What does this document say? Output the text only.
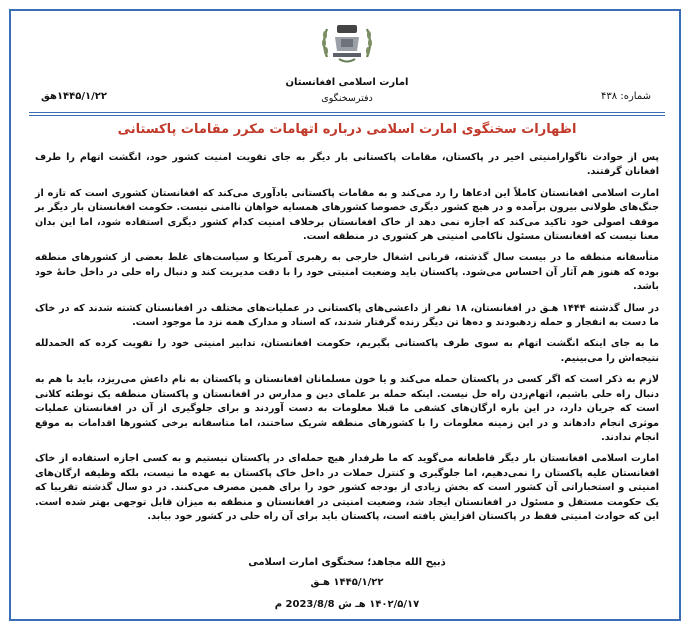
امارت اسلامی افغانستان
دفترسخنگوی	شماره: ۴۳۸
۱۴۴۵/۱/۲۲هق
اظهارات سخنگوی امارت اسلامی درباره اتهامات مکرر مقامات پاکستانی

پس از حوادث ناگوارامنیتی اخیر در پاکستان، مقامات پاکستانی بار دیگر به جای تقویت امنیت کشور خود، انگشت اتهام را طرف افغانان گرفتند.

امارت اسلامی افغانستان کاملاً این ادعاها را رد می‌کند و به مقامات پاکستانی یادآوری می‌کند که افغانستان کشوری است که تازه از جنگ‌های طولانی بیرون برآمده و در هیچ کشور دیگری خصوصا کشورهای همسایه خواهان ناامنی نیست. حکومت افغانستان بار دیگر بر موقف اصولی خود تاکید می‌کند که اجازه نمی دهد از خاک افغانستان برخلاف امنیت کدام کشور دیگری استفاده شود، اما این بدان معنا نیست که افغانستان مسئول ناکامی امنیتی هر کشوری در منطقه است.

متأسفانه منطقه ما در بیست سال گذشته، قربانی اشغال خارجی به رهبری آمریکا و سیاست‌های غلط بعضی از کشورهای منطقه بوده که هنوز هم آثار آن احساس می‌شود. پاکستان باید وضعیت امنیتی خود را با دقت مدیریت کند و دنبال راه حلی در داخل خانهٔ خود باشد.

در سال گذشته ۱۴۴۴ هـق در افغانستان، ۱۸ نفر از داعشی‌های پاکستانی در عملیات‌های مختلف در افغانستان کشته شدند که در خاک ما دست به انفجار و حمله زدهبودند و ده‌ها تن دیگر زنده گرفتار شدند، که اسناد و مدارک همه نزد ما موجود است.

ما به جای اینکه انگشت اتهام به سوی طرف پاکستانی بگیریم، حکومت افغانستان، تدابیر امنیتی خود را تقویت کرده که الحمدلله نتیجه‌اش را می‌بینیم.

لازم به ذکر است که اگر کسی در پاکستان حمله می‌کند و یا خون مسلمانان افغانستان و پاکستان به نام داعش می‌ریزد، باید با هم به دنبال راه حلی باشیم، اتهام‌زدن راه حل نیست. اینکه حمله بر علمای دین و مدارس در افغانستان و پاکستان منطقه یک توطئه کلانی است که جریان دارد، در این باره ارگان‌های کشفی ما قبلا معلومات به دست آوردند و برای جلوگیری از آن در افغانستان عملیات موثری انجام دادهاند و در این زمینه معلومات را با کشورهای منطقه شریک ساختند، اما متاسفانه برخی کشورها اقدامات به موقع انجام ندادند.

امارت اسلامی افغانستان بار دیگر قاطعانه می‌گوید که ما طرفدار هیچ حمله‌ای در پاکستان نیستیم و به کسی اجازه استفاده از خاک افغانستان علیه پاکستان را نمی‌دهیم، اما جلوگیری و کنترل حملات در داخل خاک پاکستان به عهده ما نیست، بلکه وظیفه ارگان‌های امنیتی و استخباراتی آن کشور است که بخش زیادی از بودجه کشور خود را برای همین مصرف می‌کنند. در دو سال گذشته تقریبا که یک حکومت مستقل و مسئول در افغانستان ایجاد شد، وضعیت امنیتی در افغانستان و منطقه به میزان قابل توجهی بهتر شده است. این که حوادث امنیتی فقط در پاکستان افزایش یافته است، پاکستان باید برای آن راه حلی در کشور خود بیابد.

ذبیح الله مجاهد؛ سخنگوی امارت اسلامی
۱۴۴۵/۱/۲۲ هـق
۱۴۰۲/۵/۱۷ هـ ش 2023/8/8 م
